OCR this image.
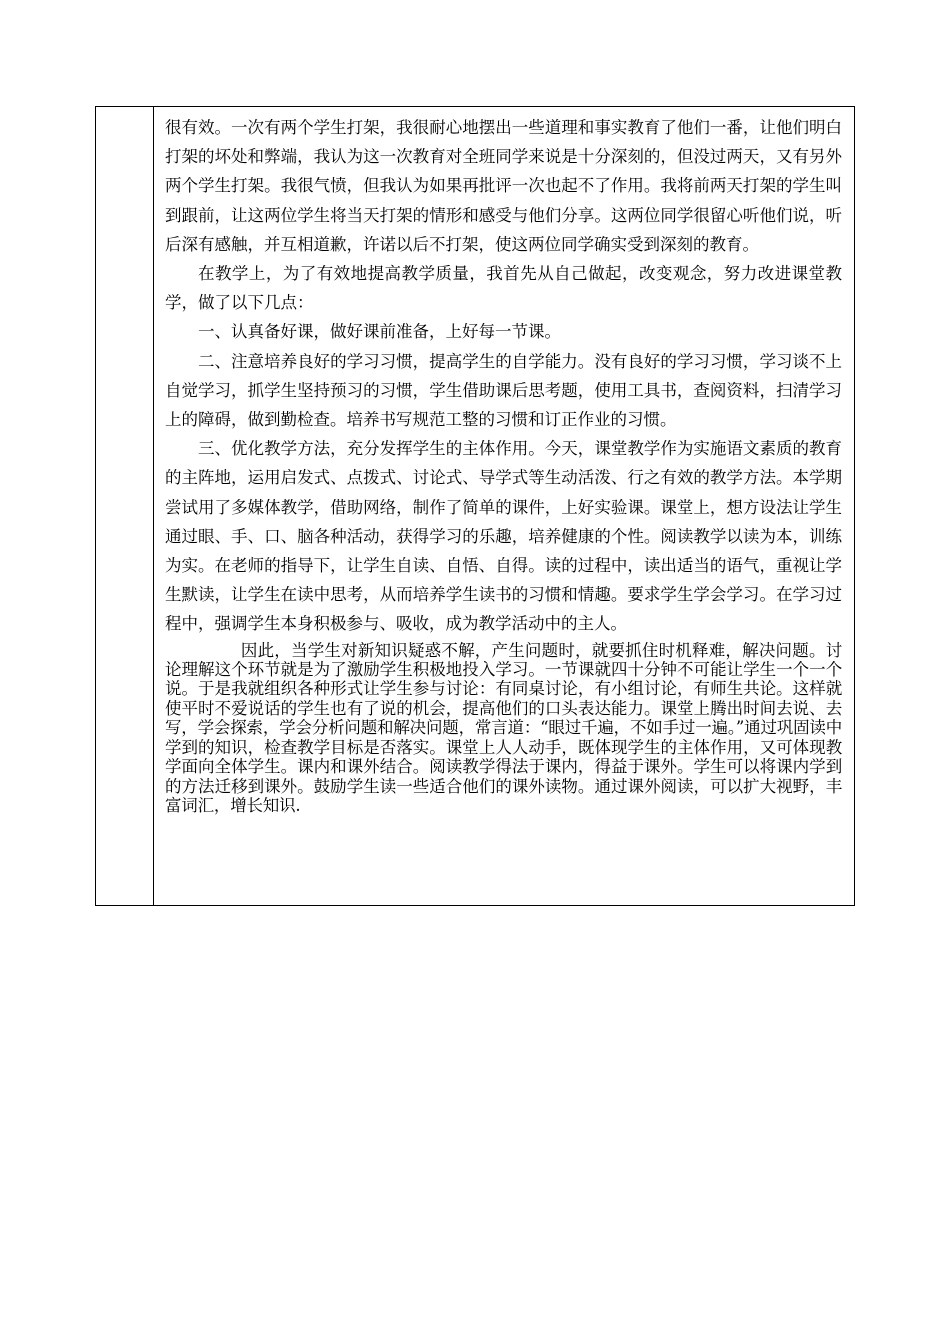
很有效。一次有两个学生打架，我很耐心地摆出一些道理和事实教育了他们一番，让他们明白打架的坏处和弊端，我认为这一次教育对全班同学来说是十分深刻的，但没过两天，又有另外两个学生打架。我很气愤，但我认为如果再批评一次也起不了作用。我将前两天打架的学生叫到跟前，让这两位学生将当天打架的情形和感受与他们分享。这两位同学很留心听他们说，听后深有感触，并互相道歉，许诺以后不打架，使这两位同学确实受到深刻的教育。

在教学上，为了有效地提高教学质量，我首先从自己做起，改变观念，努力改进课堂教学，做了以下几点：

一、认真备好课，做好课前准备，上好每一节课。

二、注意培养良好的学习习惯，提高学生的自学能力。没有良好的学习习惯，学习谈不上自觉学习，抓学生坚持预习的习惯，学生借助课后思考题，使用工具书，查阅资料，扫清学习上的障碍，做到勤检查。培养书写规范工整的习惯和订正作业的习惯。

三、优化教学方法，充分发挥学生的主体作用。今天，课堂教学作为实施语文素质的教育的主阵地，运用启发式、点拨式、讨论式、导学式等生动活泼、行之有效的教学方法。本学期尝试用了多媒体教学，借助网络，制作了简单的课件，上好实验课。课堂上，想方设法让学生通过眼、手、口、脑各种活动，获得学习的乐趣，培养健康的个性。阅读教学以读为本，训练为实。在老师的指导下，让学生自读、自悟、自得。读的过程中，读出适当的语气，重视让学生默读，让学生在读中思考，从而培养学生读书的习惯和情趣。要求学生学会学习。在学习过程中，强调学生本身积极参与、吸收，成为教学活动中的主人。

因此，当学生对新知识疑惑不解，产生问题时，就要抓住时机释难，解决问题。讨论理解这个环节就是为了激励学生积极地投入学习。一节课就四十分钟不可能让学生一个一个说。于是我就组织各种形式让学生参与讨论：有同桌讨论，有小组讨论，有师生共论。这样就使平时不爱说话的学生也有了说的机会，提高他们的口头表达能力。课堂上腾出时间去说、去写，学会探索，学会分析问题和解决问题，常言道：“眼过千遍，不如手过一遍。”通过巩固读中学到的知识，检查教学目标是否落实。课堂上人人动手，既体现学生的主体作用，又可体现教学面向全体学生。课内和课外结合。阅读教学得法于课内，得益于课外。学生可以将课内学到的方法迁移到课外。鼓励学生读一些适合他们的课外读物。通过课外阅读，可以扩大视野，丰富词汇，增长知识.
